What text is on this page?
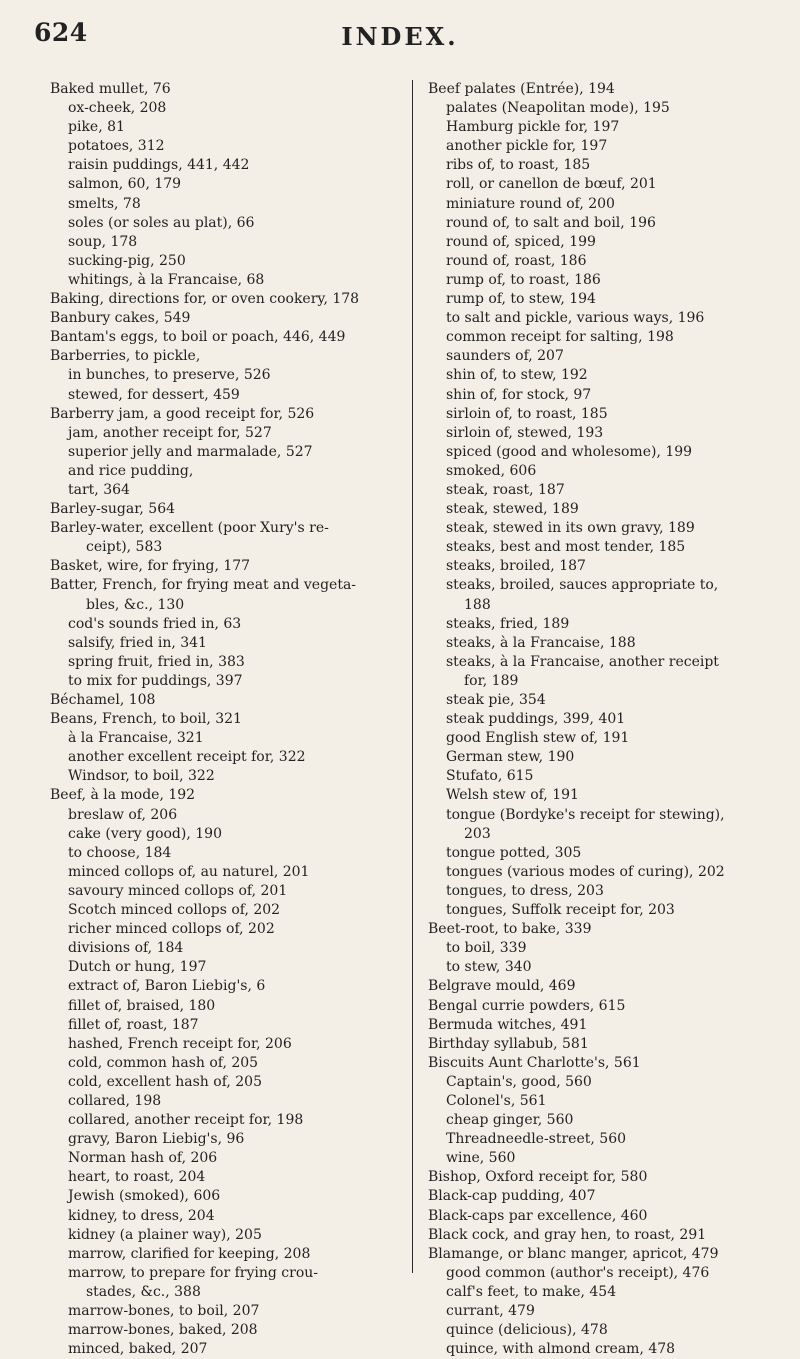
624	INDEX.
Baked mullet, 76
ox-cheek, 208
pike, 81
potatoes, 312
raisin puddings, 441, 442
salmon, 60, 179
smelts, 78
soles (or soles au plat), 66
soup, 178
sucking-pig, 250
whitings, à la Francaise, 68
Baking, directions for, or oven cookery, 178
Banbury cakes, 549
Bantam's eggs, to boil or poach, 446, 449
Barberries, to pickle,
in bunches, to preserve, 526
stewed, for dessert, 459
Barberry jam, a good receipt for, 526
jam, another receipt for, 527
superior jelly and marmalade, 527
and rice pudding,
tart, 364
Barley-sugar, 564
Barley-water, excellent (poor Xury's re-
ceipt), 583
Basket, wire, for frying, 177
Batter, French, for frying meat and vegeta-
bles, &c., 130
cod's sounds fried in, 63
salsify, fried in, 341
spring fruit, fried in, 383
to mix for puddings, 397
Béchamel, 108
Beans, French, to boil, 321
à la Francaise, 321
another excellent receipt for, 322
Windsor, to boil, 322
Beef, à la mode, 192
breslaw of, 206
cake (very good), 190
to choose, 184
minced collops of, au naturel, 201
savoury minced collops of, 201
Scotch minced collops of, 202
richer minced collops of, 202
divisions of, 184
Dutch or hung, 197
extract of, Baron Liebig's, 6
fillet of, braised, 180
fillet of, roast, 187
hashed, French receipt for, 206
cold, common hash of, 205
cold, excellent hash of, 205
collared, 198
collared, another receipt for, 198
gravy, Baron Liebig's, 96
Norman hash of, 206
heart, to roast, 204
Jewish (smoked), 606
kidney, to dress, 204
kidney (a plainer way), 205
marrow, clarified for keeping, 208
marrow, to prepare for frying crou-
stades, &c., 388
marrow-bones, to boil, 207
marrow-bones, baked, 208
minced, baked, 207
Beef palates (Entrée), 194
palates (Neapolitan mode), 195
Hamburg pickle for, 197
another pickle for, 197
ribs of, to roast, 185
roll, or canellon de bœuf, 201
miniature round of, 200
round of, to salt and boil, 196
round of, spiced, 199
round of, roast, 186
rump of, to roast, 186
rump of, to stew, 194
to salt and pickle, various ways, 196
common receipt for salting, 198
saunders of, 207
shin of, to stew, 192
shin of, for stock, 97
sirloin of, to roast, 185
sirloin of, stewed, 193
spiced (good and wholesome), 199
smoked, 606
steak, roast, 187
steak, stewed, 189
steak, stewed in its own gravy, 189
steaks, best and most tender, 185
steaks, broiled, 187
steaks, broiled, sauces appropriate to,
188
steaks, fried, 189
steaks, à la Francaise, 188
steaks, à la Francaise, another receipt
for, 189
steak pie, 354
steak puddings, 399, 401
good English stew of, 191
German stew, 190
Stufato, 615
Welsh stew of, 191
tongue (Bordyke's receipt for stewing),
203
tongue potted, 305
tongues (various modes of curing), 202
tongues, to dress, 203
tongues, Suffolk receipt for, 203
Beet-root, to bake, 339
to boil, 339
to stew, 340
Belgrave mould, 469
Bengal currie powders, 615
Bermuda witches, 491
Birthday syllabub, 581
Biscuits Aunt Charlotte's, 561
Captain's, good, 560
Colonel's, 561
cheap ginger, 560
Threadneedle-street, 560
wine, 560
Bishop, Oxford receipt for, 580
Black-cap pudding, 407
Black-caps par excellence, 460
Black cock, and gray hen, to roast, 291
Blamange, or blanc manger, apricot, 479
good common (author's receipt), 476
calf's feet, to make, 454
currant, 479
quince (delicious), 478
quince, with almond cream, 478
